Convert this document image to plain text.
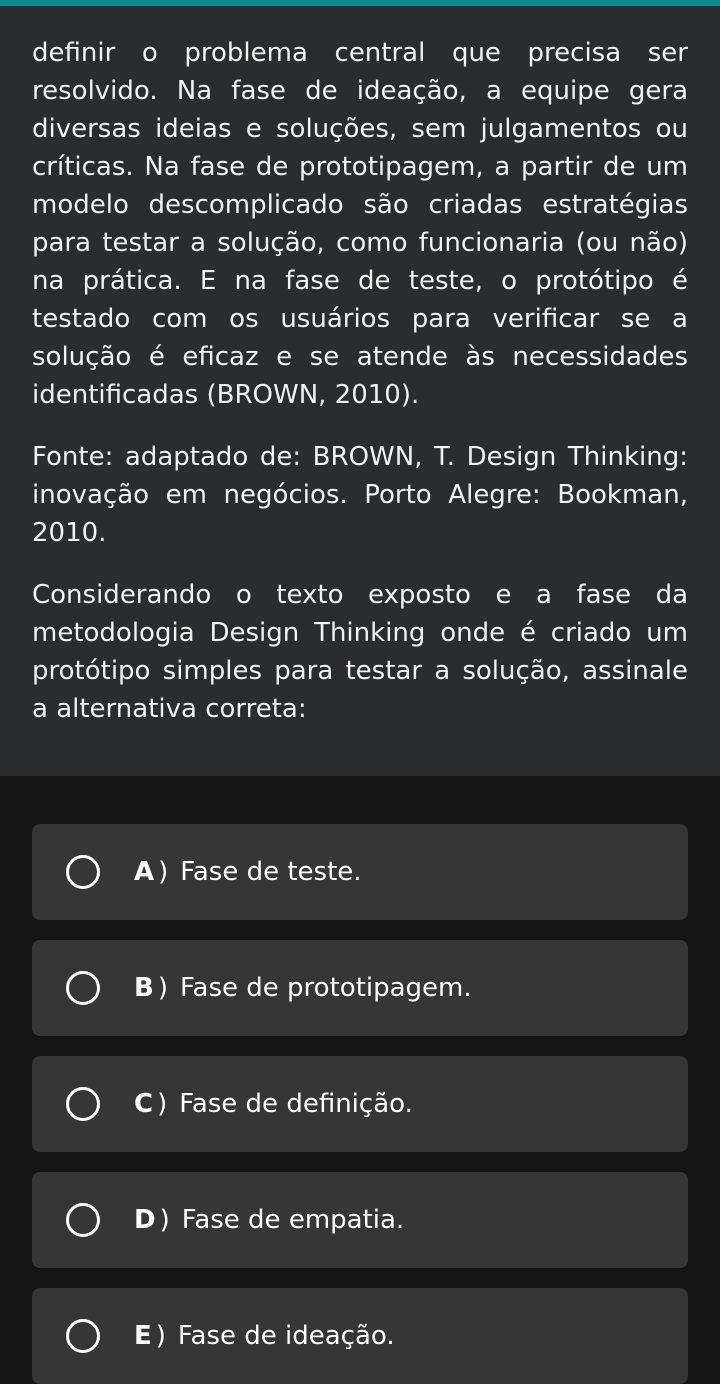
definir o problema central que precisa ser resolvido. Na fase de ideação, a equipe gera diversas ideias e soluções, sem julgamentos ou críticas. Na fase de prototipagem, a partir de um modelo descomplicado são criadas estratégias para testar a solução, como funcionaria (ou não) na prática. E na fase de teste, o protótipo é testado com os usuários para verificar se a solução é eficaz e se atende às necessidades identificadas (BROWN, 2010).

Fonte: adaptado de: BROWN, T. Design Thinking: inovação em negócios. Porto Alegre: Bookman, 2010.

Considerando o texto exposto e a fase da metodologia Design Thinking onde é criado um protótipo simples para testar a solução, assinale a alternativa correta:

A ) Fase de teste.
B ) Fase de prototipagem.
C ) Fase de definição.
D ) Fase de empatia.
E ) Fase de ideação.
